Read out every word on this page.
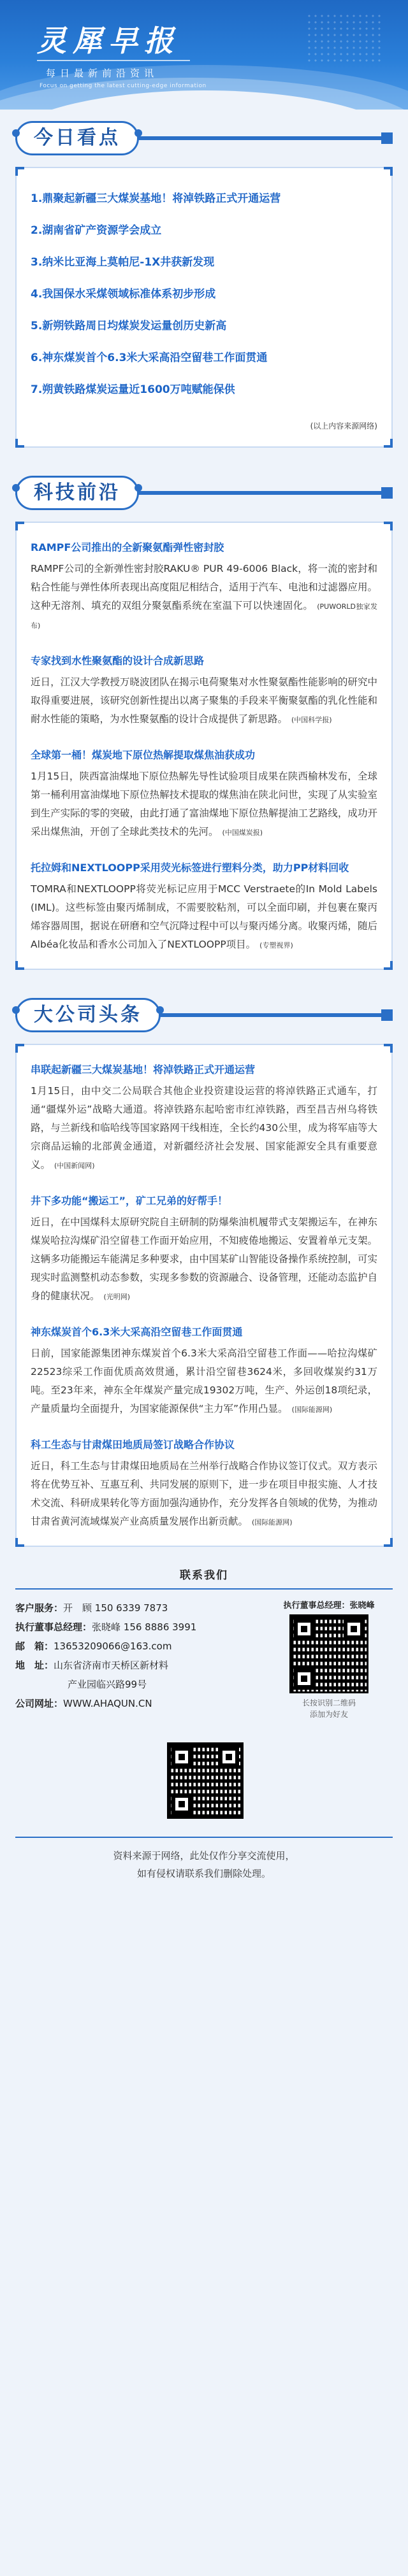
灵犀早报
每日最新前沿资讯
Focus on getting the latest cutting-edge information
今日看点
1.鼎聚起新疆三大煤炭基地！将淖铁路正式开通运营
2.湖南省矿产资源学会成立
3.纳米比亚海上莫帕尼-1X井获新发现
4.我国保水采煤领域标准体系初步形成
5.新朔铁路周日均煤炭发运量创历史新高
6.神东煤炭首个6.3米大采高沿空留巷工作面贯通
7.朔黄铁路煤炭运量近1600万吨赋能保供
(以上内容来源网络)
科技前沿
RAMPF公司推出的全新聚氨酯弹性密封胶
RAMPF公司的全新弹性密封胶RAKU® PUR 49-6006 Black，将一流的密封和粘合性能与弹性体所表现出高度阻尼相结合，适用于汽车、电池和过滤器应用。这种无溶剂、填充的双组分聚氨酯系统在室温下可以快速固化。 (PUWORLD独家发布)
专家找到水性聚氨酯的设计合成新思路
近日，江汉大学教授万晓波团队在揭示电荷聚集对水性聚氨酯性能影响的研究中取得重要进展，该研究创新性提出以离子聚集的手段来平衡聚氨酯的乳化性能和耐水性能的策略，为水性聚氨酯的设计合成提供了新思路。 (中国科学报)
全球第一桶！煤炭地下原位热解提取煤焦油获成功
1月15日，陕西富油煤地下原位热解先导性试验项目成果在陕西榆林发布，全球第一桶利用富油煤地下原位热解技术提取的煤焦油在陕北问世，实现了从实验室到生产实际的零的突破，由此打通了富油煤地下原位热解提油工艺路线，成功开采出煤焦油，开创了全球此类技术的先河。 (中国煤炭报)
托拉姆和NEXTLOOPP采用荧光标签进行塑料分类，助力PP材料回收
TOMRA和NEXTLOOPP将荧光标记应用于MCC Verstraete的In Mold Labels (IML)。这些标签由聚丙烯制成，不需要胶粘剂，可以全面印刷，并包裹在聚丙烯容器周围，据说在研磨和空气沉降过程中可以与聚丙烯分离。收聚丙烯，随后Albéa化妆品和香水公司加入了NEXTLOOPP项目。 (专塑视界)
大公司头条
串联起新疆三大煤炭基地！将淖铁路正式开通运营
1月15日，由中交二公局联合其他企业投资建设运营的将淖铁路正式通车，打通“疆煤外运”战略大通道。将淖铁路东起哈密市红淖铁路，西至昌吉州乌将铁路，与兰新线和临哈线等国家路网干线相连，全长约430公里，成为将军庙等大宗商品运输的北部黄金通道，对新疆经济社会发展、国家能源安全具有重要意义。 (中国新闻网)
井下多功能“搬运工”，矿工兄弟的好帮手！
近日，在中国煤科太原研究院自主研制的防爆柴油机履带式支架搬运车，在神东煤炭哈拉沟煤矿沿空留巷工作面开始应用，不知疲倦地搬运、安置着单元支架。这辆多功能搬运车能满足多种要求，由中国某矿山智能设备操作系统控制，可实现实时监测整机动态参数，实现多参数的资源融合、设备管理，还能动态监护自身的健康状况。 (光明网)
神东煤炭首个6.3米大采高沿空留巷工作面贯通
日前，国家能源集团神东煤炭首个6.3米大采高沿空留巷工作面——哈拉沟煤矿22523综采工作面优质高效贯通，累计沿空留巷3624米，多回收煤炭约31万吨。至23年来，神东全年煤炭产量完成19302万吨，生产、外运创18项纪录，产量质量均全面提升，为国家能源保供“主力军”作用凸显。 (国际能源网)
科工生态与甘肃煤田地质局签订战略合作协议
近日，科工生态与甘肃煤田地质局在兰州举行战略合作协议签订仪式。双方表示将在优势互补、互惠互利、共同发展的原则下，进一步在项目申报实施、人才技术交流、科研成果转化等方面加强沟通协作，充分发挥各自领域的优势，为推动甘肃省黄河流域煤炭产业高质量发展作出新贡献。 (国际能源网)
联系我们
客户服务：开　顾 150 6339 7873
执行董事总经理：张晓峰 156 8886 3991
邮　箱：13653209066@163.com
地　址：山东省济南市天桥区新材料
产业园临兴路99号
公司网址：WWW.AHAQUN.CN
执行董事总经理：张晓峰
长按识别二维码
添加为好友
资料来源于网络，此处仅作分享交流使用，
如有侵权请联系我们删除处理。
